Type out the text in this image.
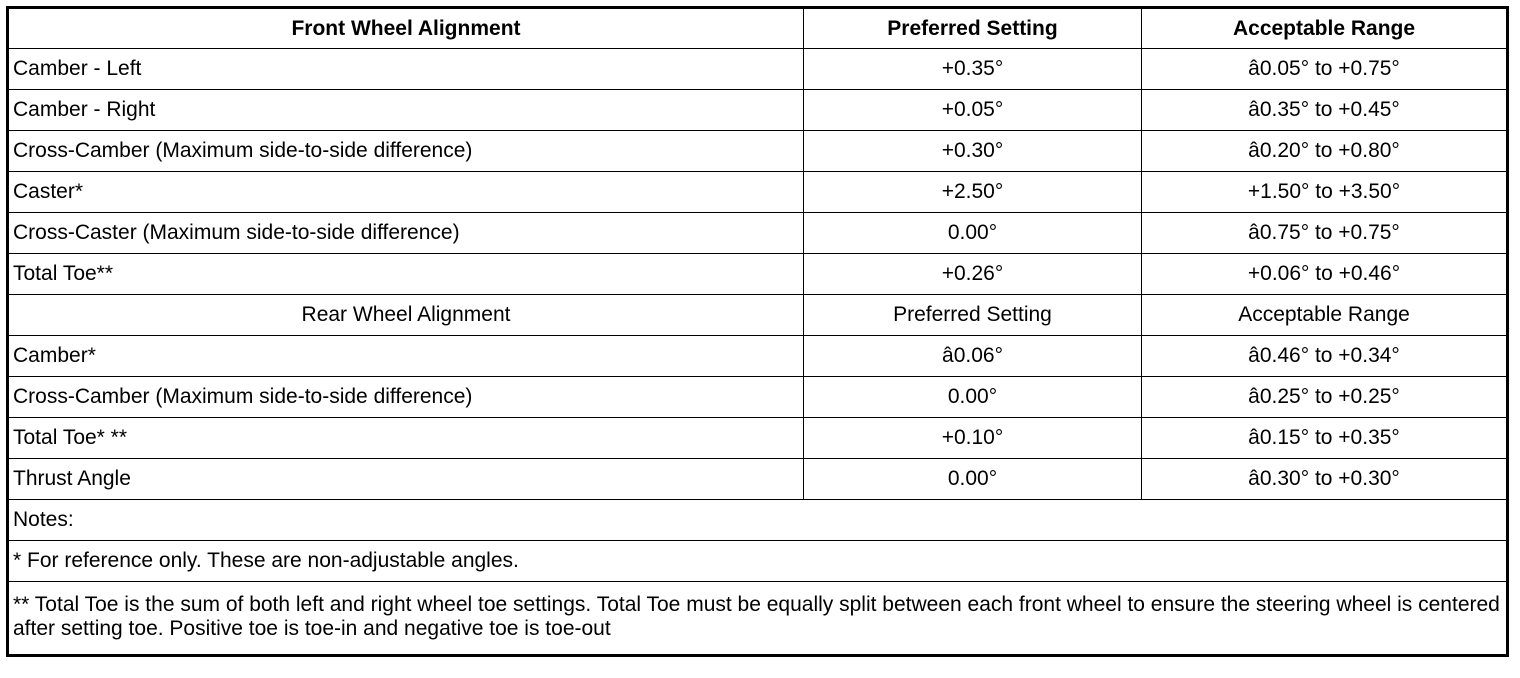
Front Wheel Alignment	Preferred Setting	Acceptable Range
Camber - Left	+0.35°	â0.05° to +0.75°
Camber - Right	+0.05°	â0.35° to +0.45°
Cross-Camber (Maximum side-to-side difference)	+0.30°	â0.20° to +0.80°
Caster*	+2.50°	+1.50° to +3.50°
Cross-Caster (Maximum side-to-side difference)	0.00°	â0.75° to +0.75°
Total Toe**	+0.26°	+0.06° to +0.46°
Rear Wheel Alignment	Preferred Setting	Acceptable Range
Camber*	â0.06°	â0.46° to +0.34°
Cross-Camber (Maximum side-to-side difference)	0.00°	â0.25° to +0.25°
Total Toe* **	+0.10°	â0.15° to +0.35°
Thrust Angle	0.00°	â0.30° to +0.30°
Notes:		
* For reference only. These are non-adjustable angles.		
** Total Toe is the sum of both left and right wheel toe settings. Total Toe must be equally split between each front wheel to ensure the steering wheel is centered after setting toe. Positive toe is toe-in and negative toe is toe-out		
